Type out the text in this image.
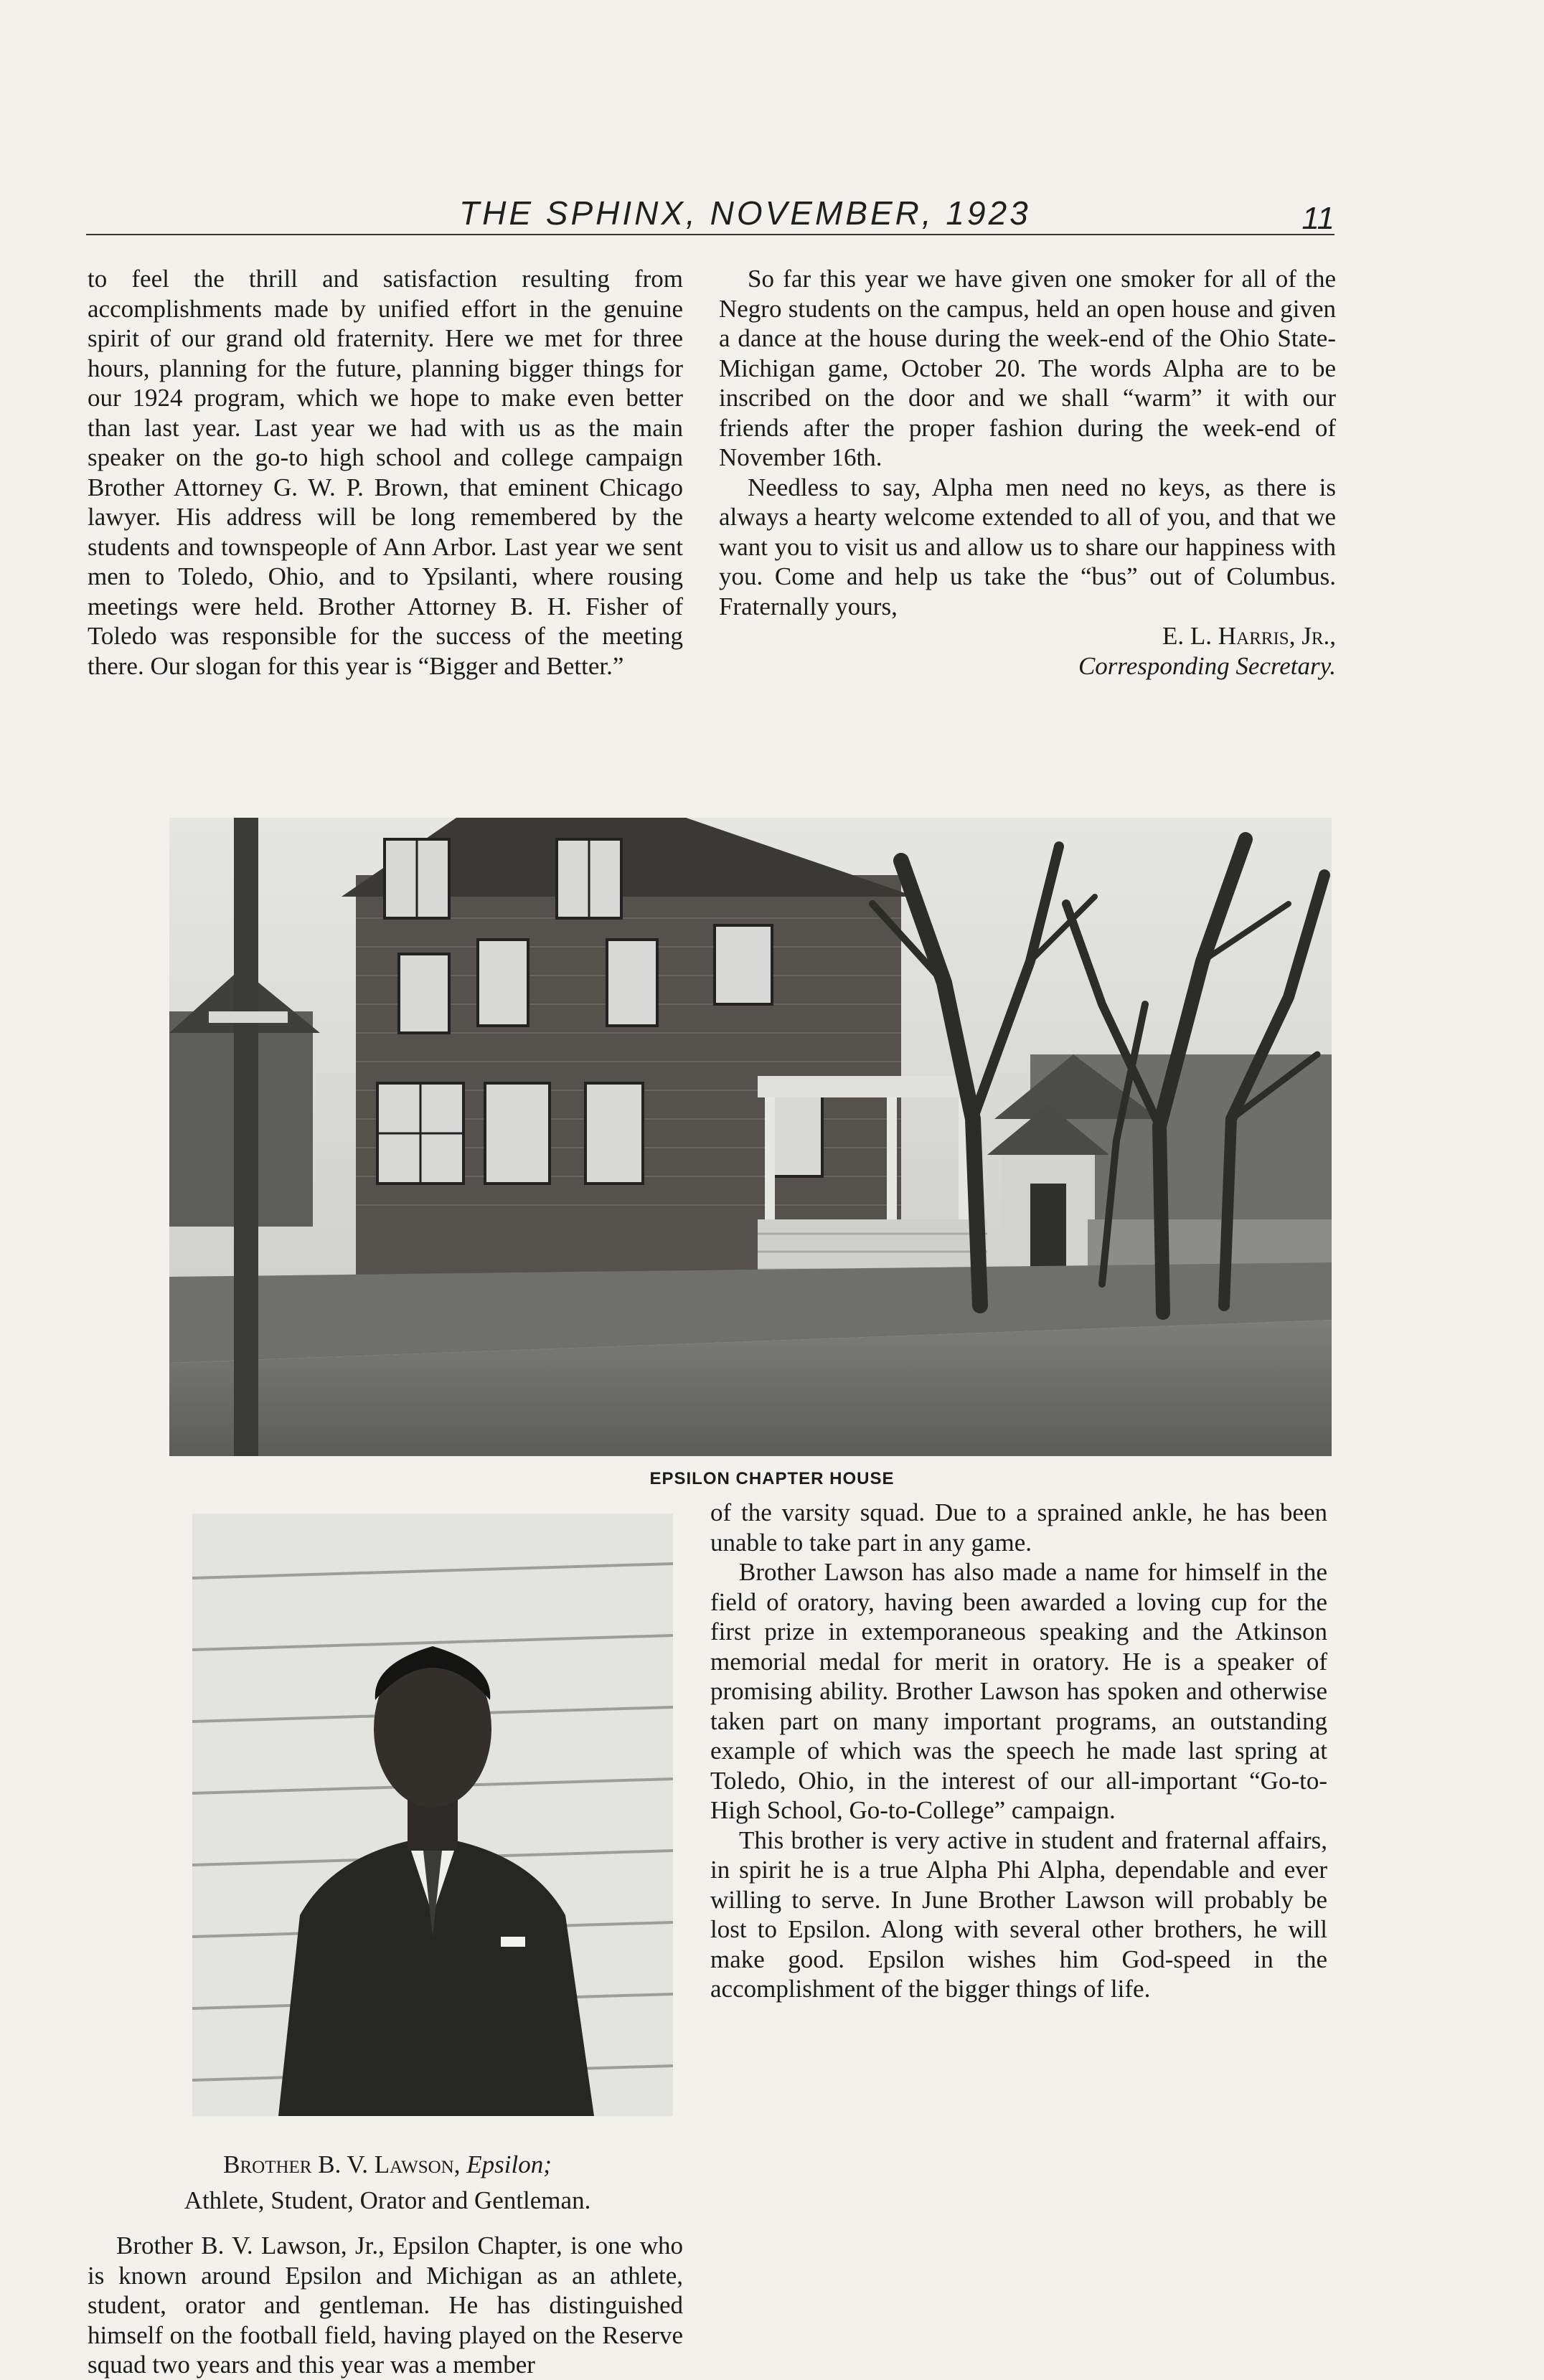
THE SPHINX, NOVEMBER, 1923	11

to feel the thrill and satisfaction resulting from accomplishments made by unified effort in the genuine spirit of our grand old fraternity. Here we met for three hours, planning for the future, planning bigger things for our 1924 program, which we hope to make even better than last year. Last year we had with us as the main speaker on the go-to high school and college campaign Brother Attorney G. W. P. Brown, that eminent Chicago lawyer. His address will be long remembered by the students and townspeople of Ann Arbor. Last year we sent men to Toledo, Ohio, and to Ypsilanti, where rousing meetings were held. Brother Attorney B. H. Fisher of Toledo was responsible for the success of the meeting there. Our slogan for this year is “Bigger and Better.”

So far this year we have given one smoker for all of the Negro students on the campus, held an open house and given a dance at the house during the week-end of the Ohio State-Michigan game, October 20. The words Alpha are to be inscribed on the door and we shall “warm” it with our friends after the proper fashion during the week-end of November 16th.

Needless to say, Alpha men need no keys, as there is always a hearty welcome extended to all of you, and that we want you to visit us and allow us to share our happiness with you. Come and help us take the “bus” out of Columbus. Fraternally yours,

E. L. Harris, Jr.,

Corresponding Secretary.

EPSILON CHAPTER HOUSE
Brother B. V. Lawson, Epsilon;
Athlete, Student, Orator and Gentleman.

Brother B. V. Lawson, Jr., Epsilon Chapter, is one who is known around Epsilon and Michigan as an athlete, student, orator and gentleman. He has distinguished himself on the football field, having played on the Reserve squad two years and this year was a member

of the varsity squad. Due to a sprained ankle, he has been unable to take part in any game.

Brother Lawson has also made a name for himself in the field of oratory, having been awarded a loving cup for the first prize in extemporaneous speaking and the Atkinson memorial medal for merit in oratory. He is a speaker of promising ability. Brother Lawson has spoken and otherwise taken part on many important programs, an outstanding example of which was the speech he made last spring at Toledo, Ohio, in the interest of our all-important “Go-to-High School, Go-to-College” campaign.

This brother is very active in student and fraternal affairs, in spirit he is a true Alpha Phi Alpha, dependable and ever willing to serve. In June Brother Lawson will probably be lost to Epsilon. Along with several other brothers, he will make good. Epsilon wishes him God-speed in the accomplishment of the bigger things of life.
